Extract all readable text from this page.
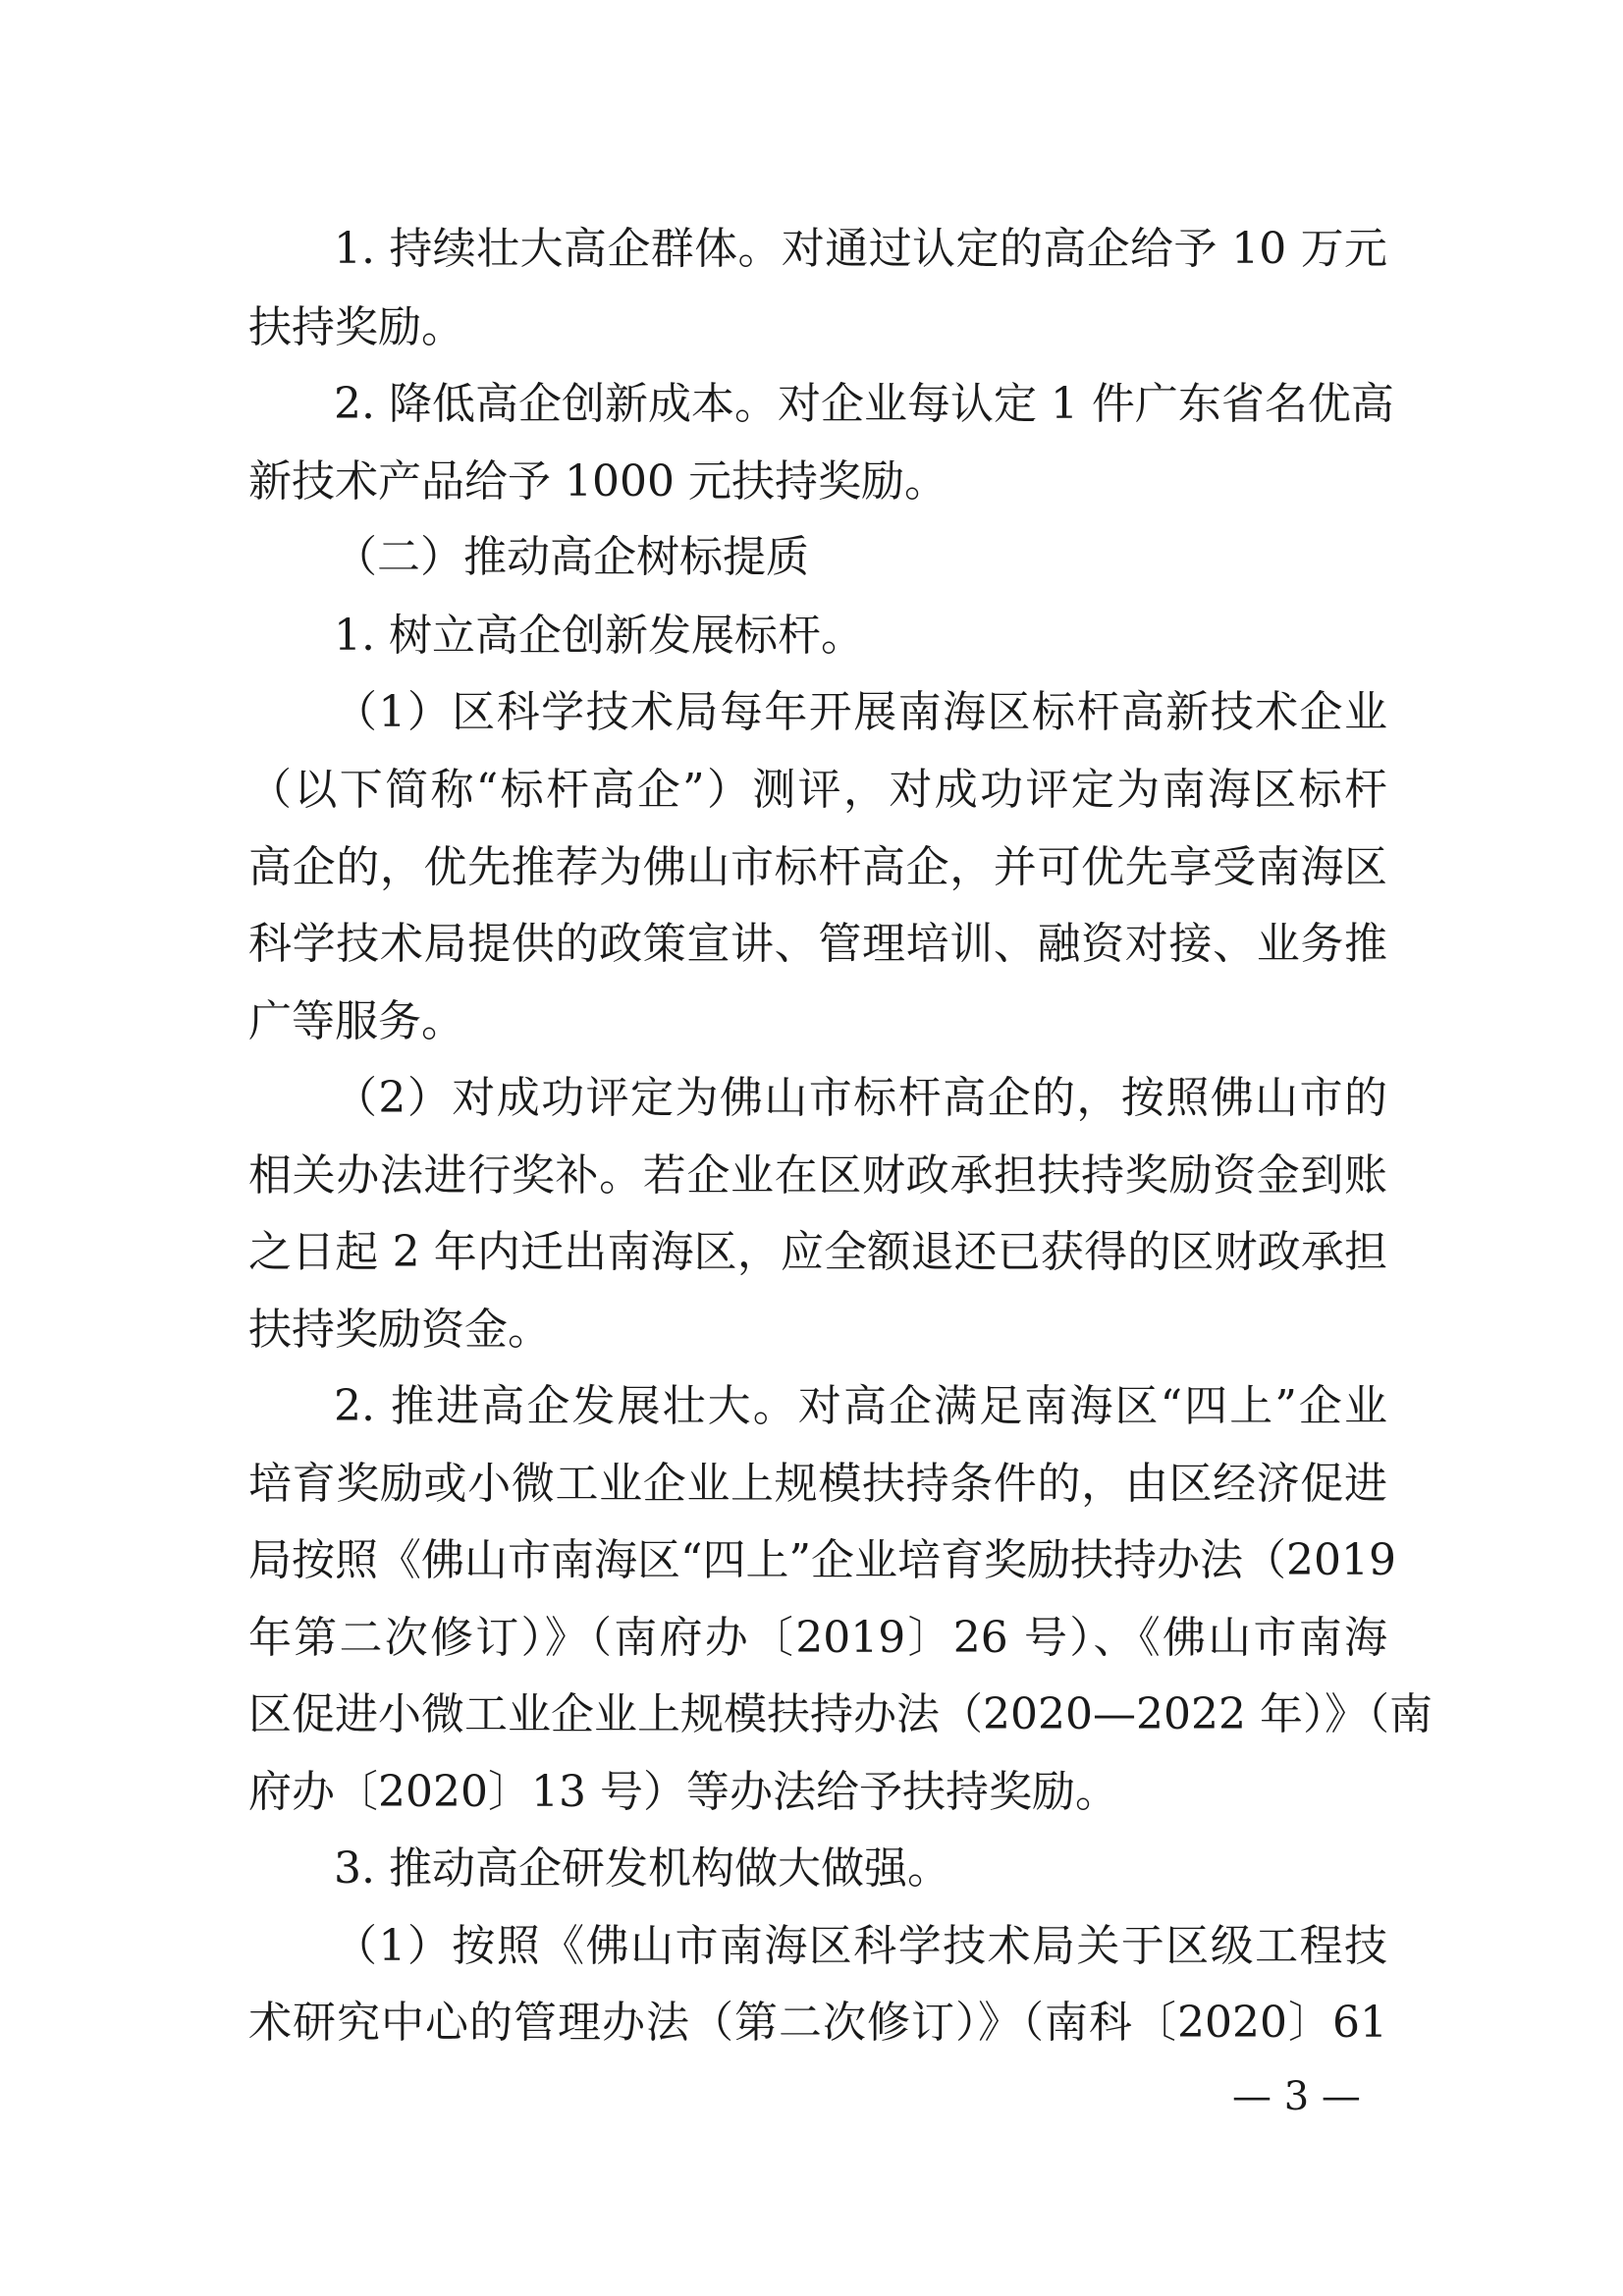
1. 持续壮大高企群体。对通过认定的高企给予 10 万元
扶持奖励。
2. 降低高企创新成本。对企业每认定 1 件广东省名优高
新技术产品给予 1000 元扶持奖励。
（二）推动高企树标提质
1. 树立高企创新发展标杆。
（1）区科学技术局每年开展南海区标杆高新技术企业
（以下简称“标杆高企”）测评，对成功评定为南海区标杆
高企的，优先推荐为佛山市标杆高企，并可优先享受南海区
科学技术局提供的政策宣讲、管理培训、融资对接、业务推
广等服务。
（2）对成功评定为佛山市标杆高企的，按照佛山市的
相关办法进行奖补。若企业在区财政承担扶持奖励资金到账
之日起 2 年内迁出南海区，应全额退还已获得的区财政承担
扶持奖励资金。
2. 推进高企发展壮大。对高企满足南海区“四上”企业
培育奖励或小微工业企业上规模扶持条件的，由区经济促进
局按照《佛山市南海区“四上”企业培育奖励扶持办法（2019
年第二次修订）》（南府办〔2019〕26 号）、《佛山市南海
区促进小微工业企业上规模扶持办法（2020—2022 年）》（南
府办〔2020〕13 号）等办法给予扶持奖励。
3. 推动高企研发机构做大做强。
（1）按照《佛山市南海区科学技术局关于区级工程技
术研究中心的管理办法（第二次修订）》（南科〔2020〕61
— 3 —
